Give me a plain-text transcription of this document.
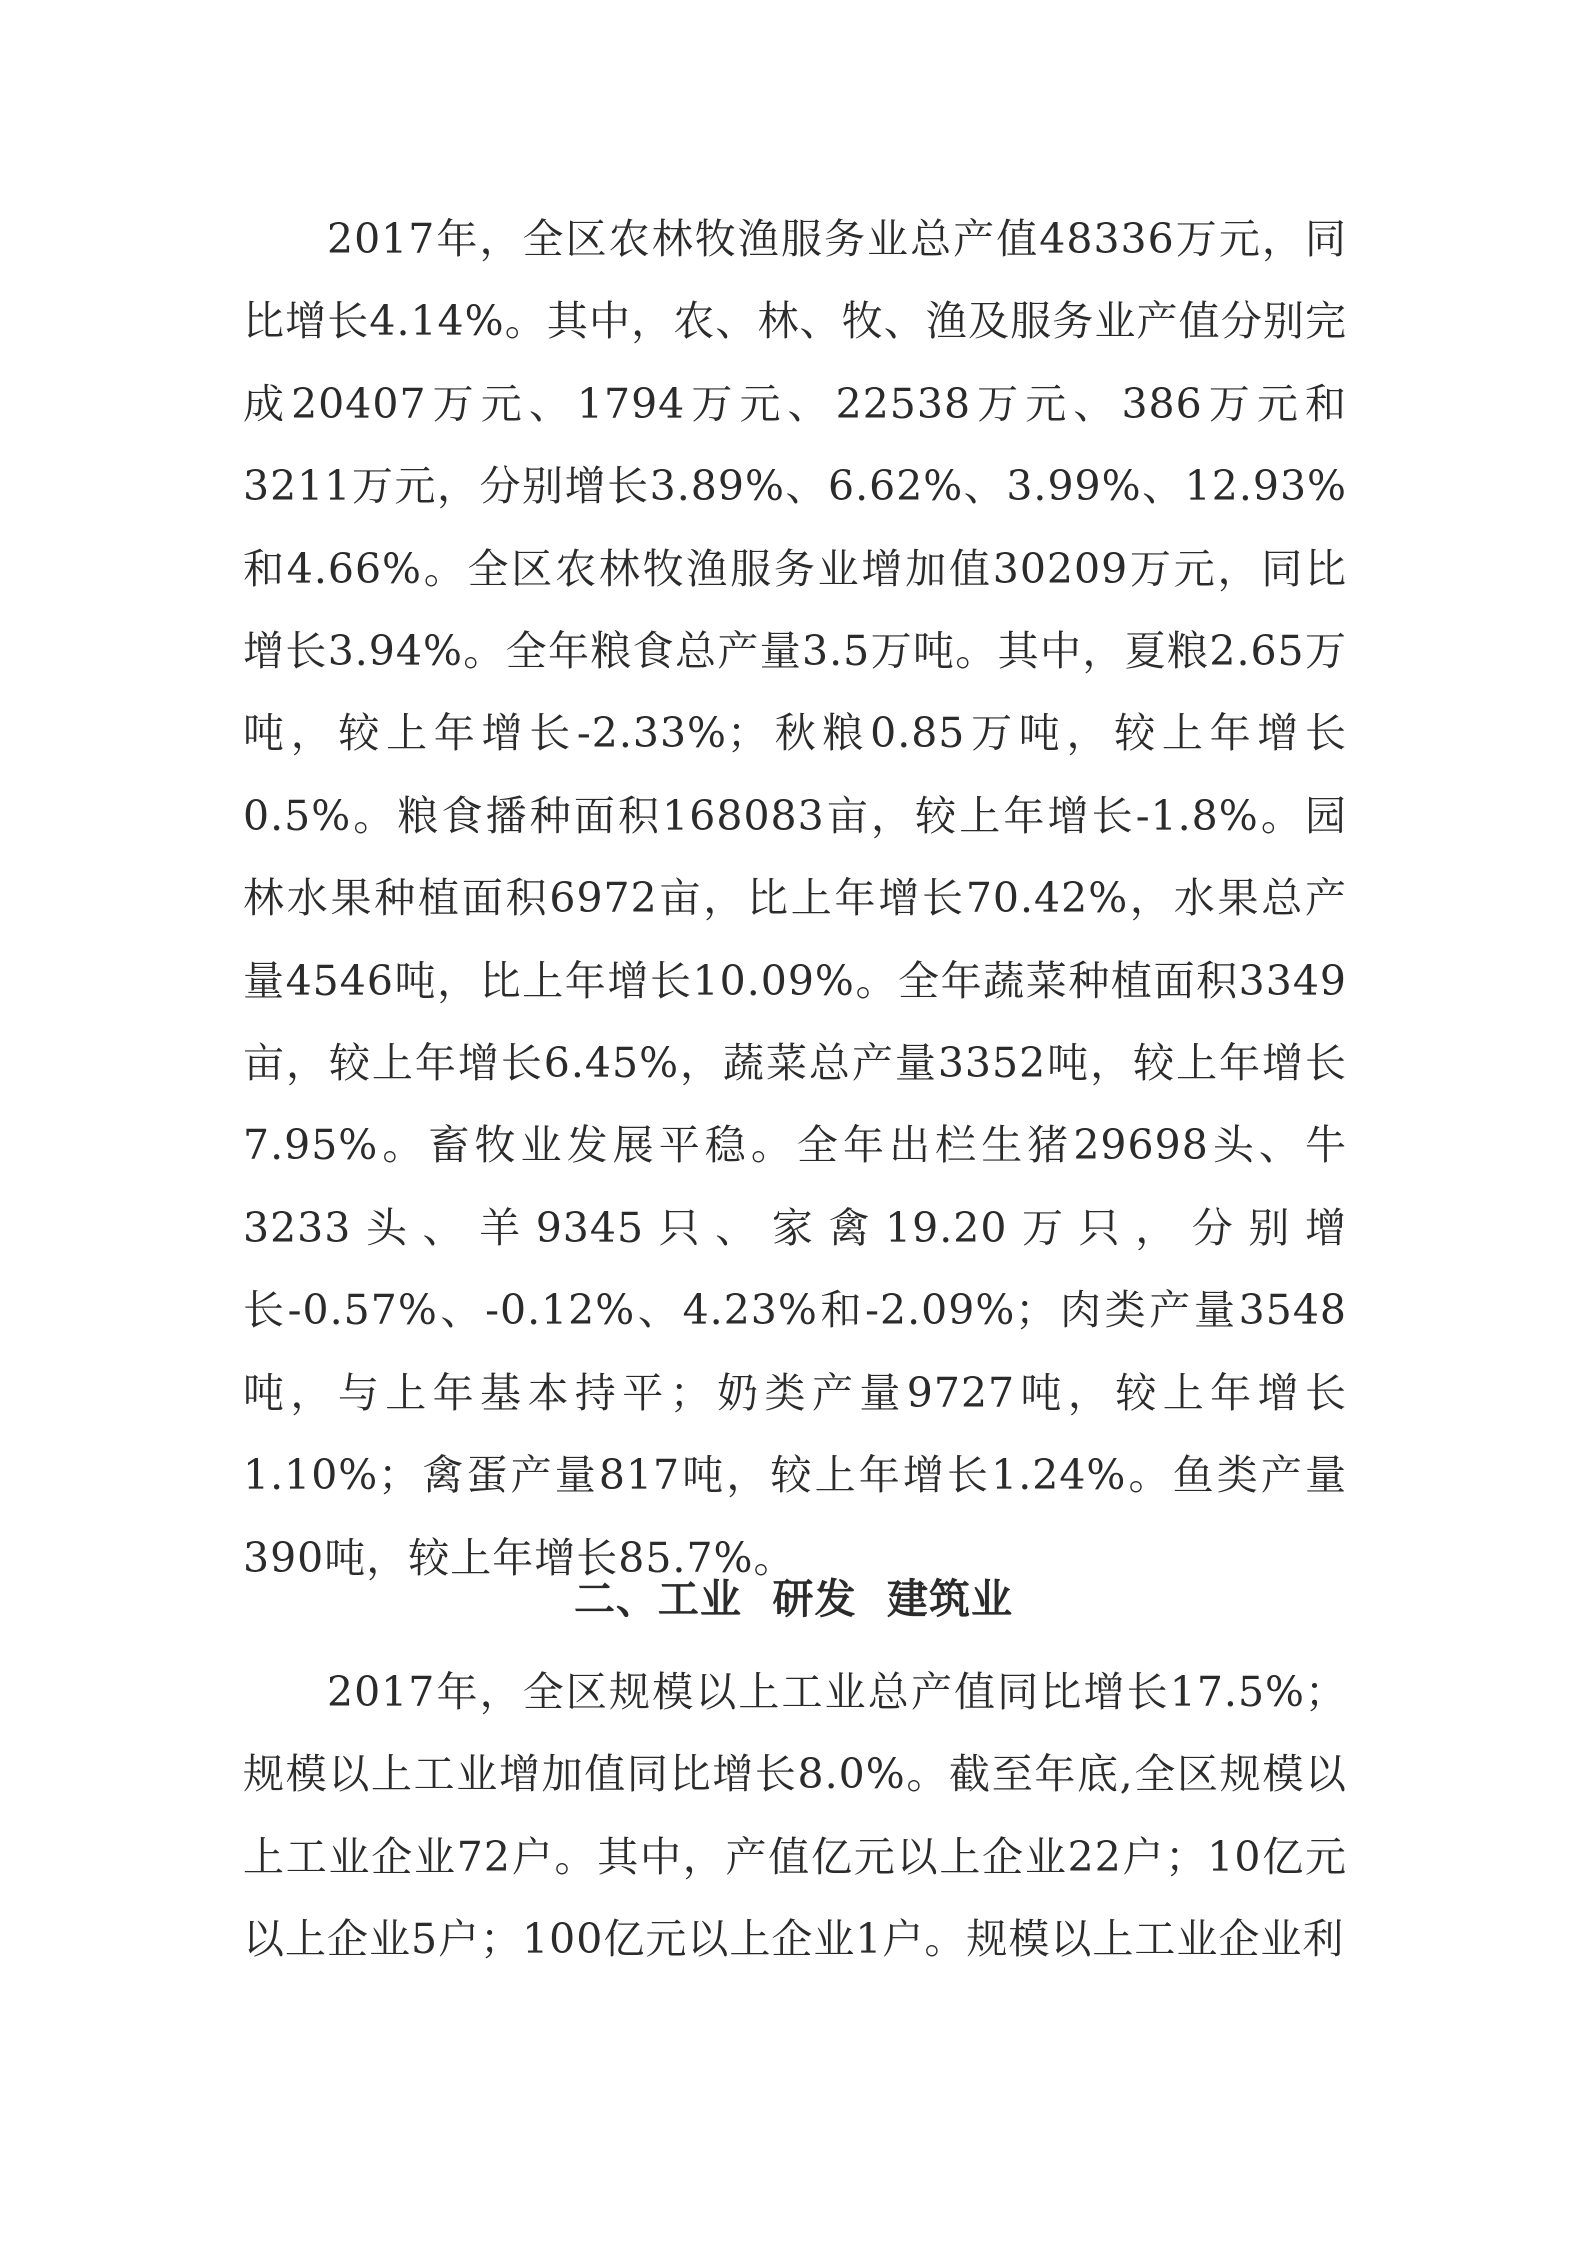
2017年，全区农林牧渔服务业总产值48336万元，同比增长4.14%。其中，农、林、牧、渔及服务业产值分别完成20407万元、1794万元、22538万元、386万元和3211万元，分别增长3.89%、6.62%、3.99%、12.93%和4.66%。全区农林牧渔服务业增加值30209万元，同比增长3.94%。全年粮食总产量3.5万吨。其中，夏粮2.65万吨，较上年增长-2.33%；秋粮0.85万吨，较上年增长0.5%。粮食播种面积168083亩，较上年增长-1.8%。园林水果种植面积6972亩，比上年增长70.42%，水果总产量4546吨，比上年增长10.09%。全年蔬菜种植面积3349亩，较上年增长6.45%，蔬菜总产量3352吨，较上年增长7.95%。畜牧业发展平稳。全年出栏生猪29698头、牛3233头、羊9345只、家禽19.20万只，分别增长-0.57%、-0.12%、4.23%和-2.09%；肉类产量3548吨，与上年基本持平；奶类产量9727吨，较上年增长1.10%；禽蛋产量817吨，较上年增长1.24%。鱼类产量390吨，较上年增长85.7%。

二、工业  研发  建筑业

2017年，全区规模以上工业总产值同比增长17.5%；规模以上工业增加值同比增长8.0%。截至年底,全区规模以上工业企业72户。其中，产值亿元以上企业22户；10亿元以上企业5户；100亿元以上企业1户。规模以上工业企业利
